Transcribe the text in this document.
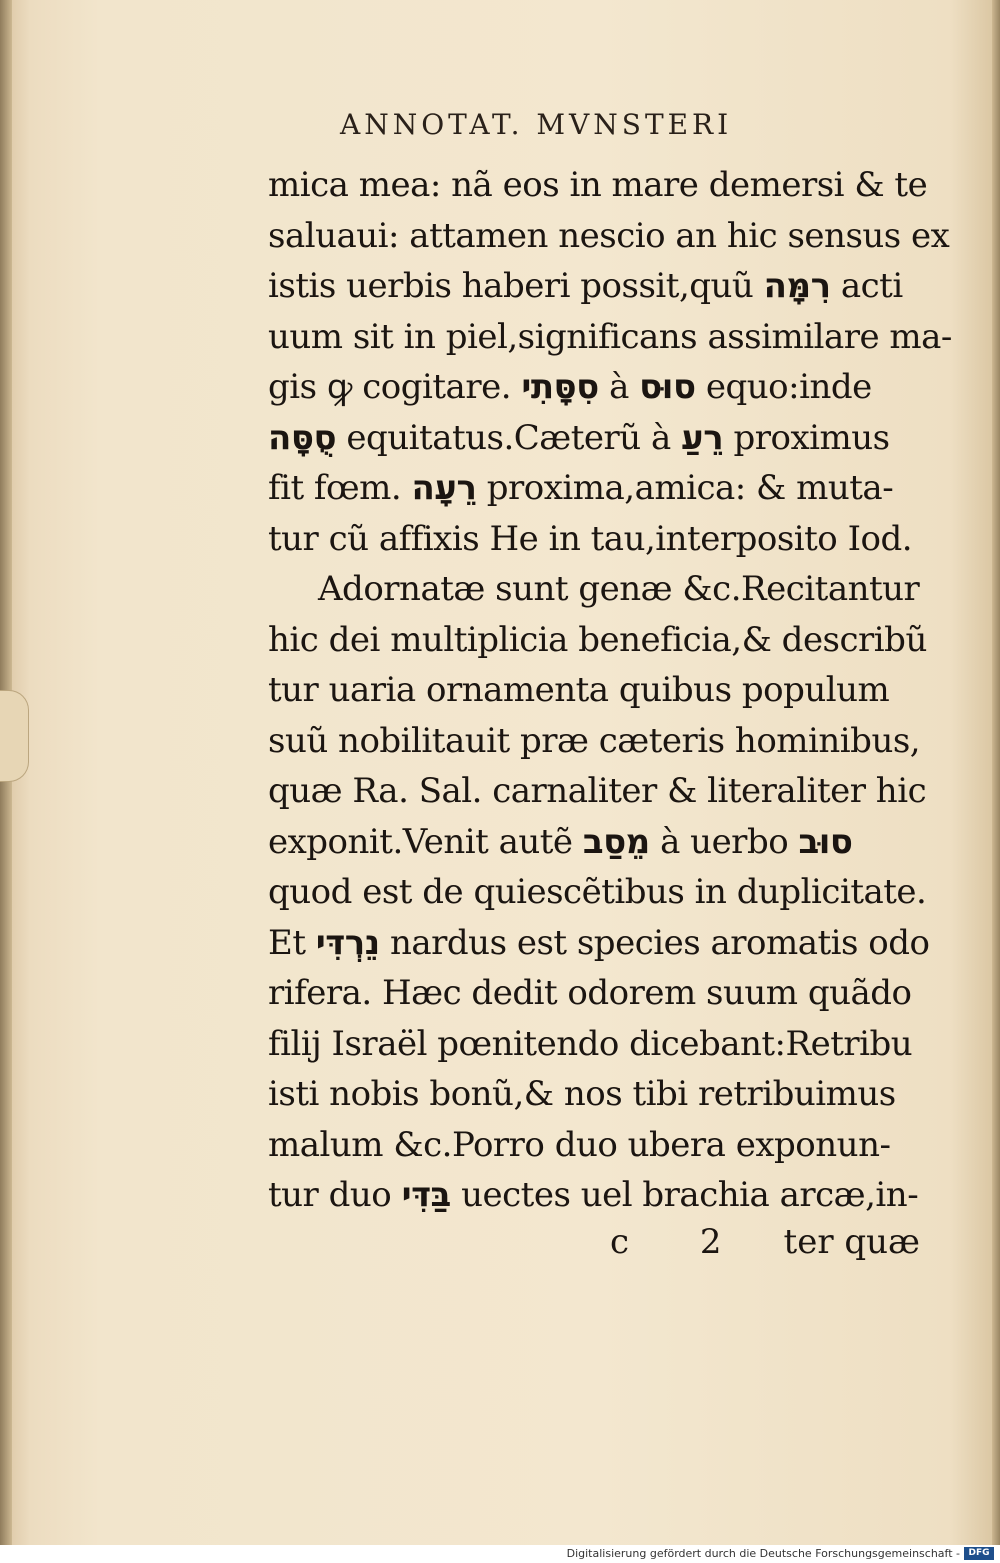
ANNOTAT. MVNSTERI
mica mea: nã eos in mare demersi & te
saluaui: attamen nescio an hic sensus ex
istis uerbis haberi possit,quũ רִמָּה acti
uum sit in piel,significans assimilare ma-
gis ꝙ cogitare. סִסָּתִי à סוּס equo:inde
סֻסָּה equitatus.Cæterũ à רֵעַ proximus
fit fœm. רֵעָה proxima,amica: & muta-
tur cũ affixis He in tau,interposito Iod.
Adornatæ sunt genæ &c.Recitantur
hic dei multiplicia beneficia,& describũ
tur uaria ornamenta quibus populum
suũ nobilitauit præ cæteris hominibus,
quæ Ra. Sal. carnaliter & literaliter hic
exponit.Venit autẽ מֵסַב à uerbo סוּב
quod est de quiescẽtibus in duplicitate.
Et נֵרְדִּי nardus est species aromatis odo
rifera. Hæc dedit odorem suum quãdo
filij Israël pœnitendo dicebant:Retribu
isti nobis bonũ,& nos tibi retribuimus
malum &c.Porro duo ubera exponun-
tur duo בַּדִּי uectes uel brachia arcæ,in-
c 2 ter quæ
Digitalisierung gefördert durch die Deutsche Forschungsgemeinschaft - DFG
